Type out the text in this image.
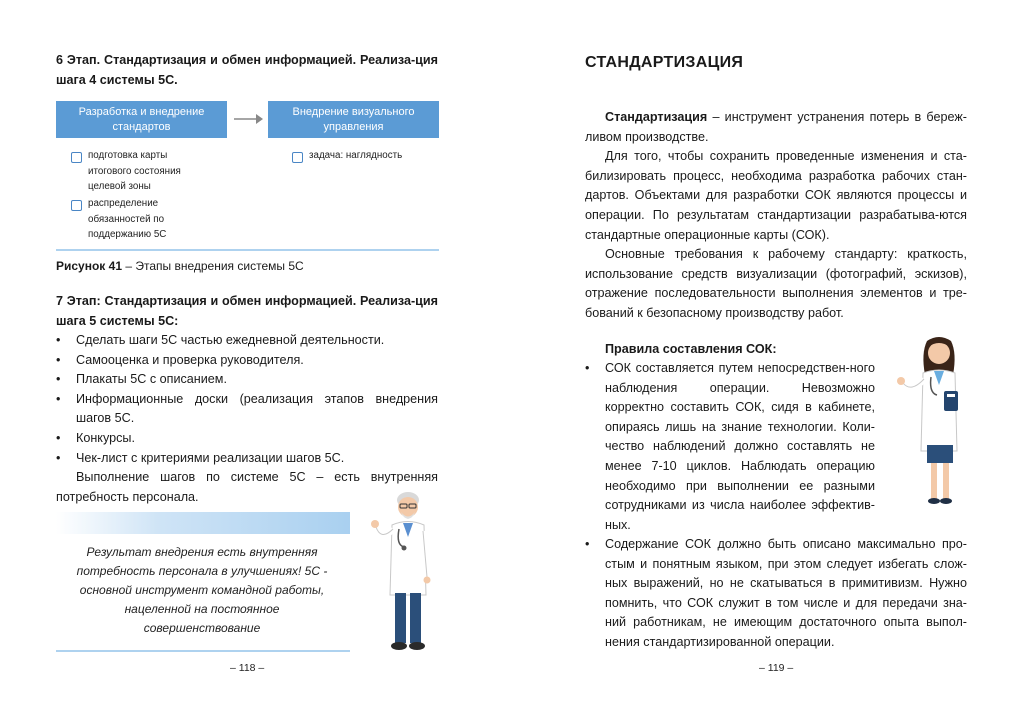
6 Этап. Стандартизация и обмен информацией. Реализа-ция шага 4 системы 5С.

Разработка и внедрение стандартов
Внедрение визуального управления
подготовка карты итогового состояния целевой зоны
распределение обязанностей по поддержанию 5С
задача: наглядность

Рисунок 41 – Этапы внедрения системы 5С

7 Этап: Стандартизация и обмен информацией. Реализа-ция шага 5 системы 5С:

• Сделать шаги 5С частью ежедневной деятельности.
• Самооценка и проверка руководителя.
• Плакаты 5С с описанием.
• Информационные доски (реализация этапов внедрения шагов 5С.
• Конкурсы.
• Чек-лист с критериями реализации шагов 5С.
Выполнение шагов по системе 5С – есть внутренняя потребность персонала.
Результат внедрения есть внутренняя потребность персонала в улучшениях! 5С - основной инструмент командной работы, нацеленной на постоянное совершенствование
– 118 –
СТАНДАРТИЗАЦИЯ
Стандартизация – инструмент устранения потерь в береж-ливом производстве.
Для того, чтобы сохранить проведенные изменения и ста-билизировать процесс, необходима разработка рабочих стан-дартов. Объектами для разработки СОК являются процессы и операции. По результатам стандартизации разрабатыва-ются стандартные операционные карты (СОК).
Основные требования к рабочему стандарту: краткость, использование средств визуализации (фотографий, эскизов), отражение последовательности выполнения элементов и тре-бований к безопасному производству работ.
Правила составления СОК:
• СОК составляется путем непосредствен-ного наблюдения операции. Невозможно корректно составить СОК, сидя в кабинете, опираясь лишь на знание технологии. Коли-чество наблюдений должно составлять не менее 7-10 циклов. Наблюдать операцию необходимо при выполнении ее разными сотрудниками из числа наиболее эффектив-ных.
• Содержание СОК должно быть описано максимально про-стым и понятным языком, при этом следует избегать слож-ных выражений, но не скатываться в примитивизм. Нужно помнить, что СОК служит в том числе и для передачи зна-ний работникам, не имеющим достаточного опыта выпол-нения стандартизированной операции.
– 119 –
